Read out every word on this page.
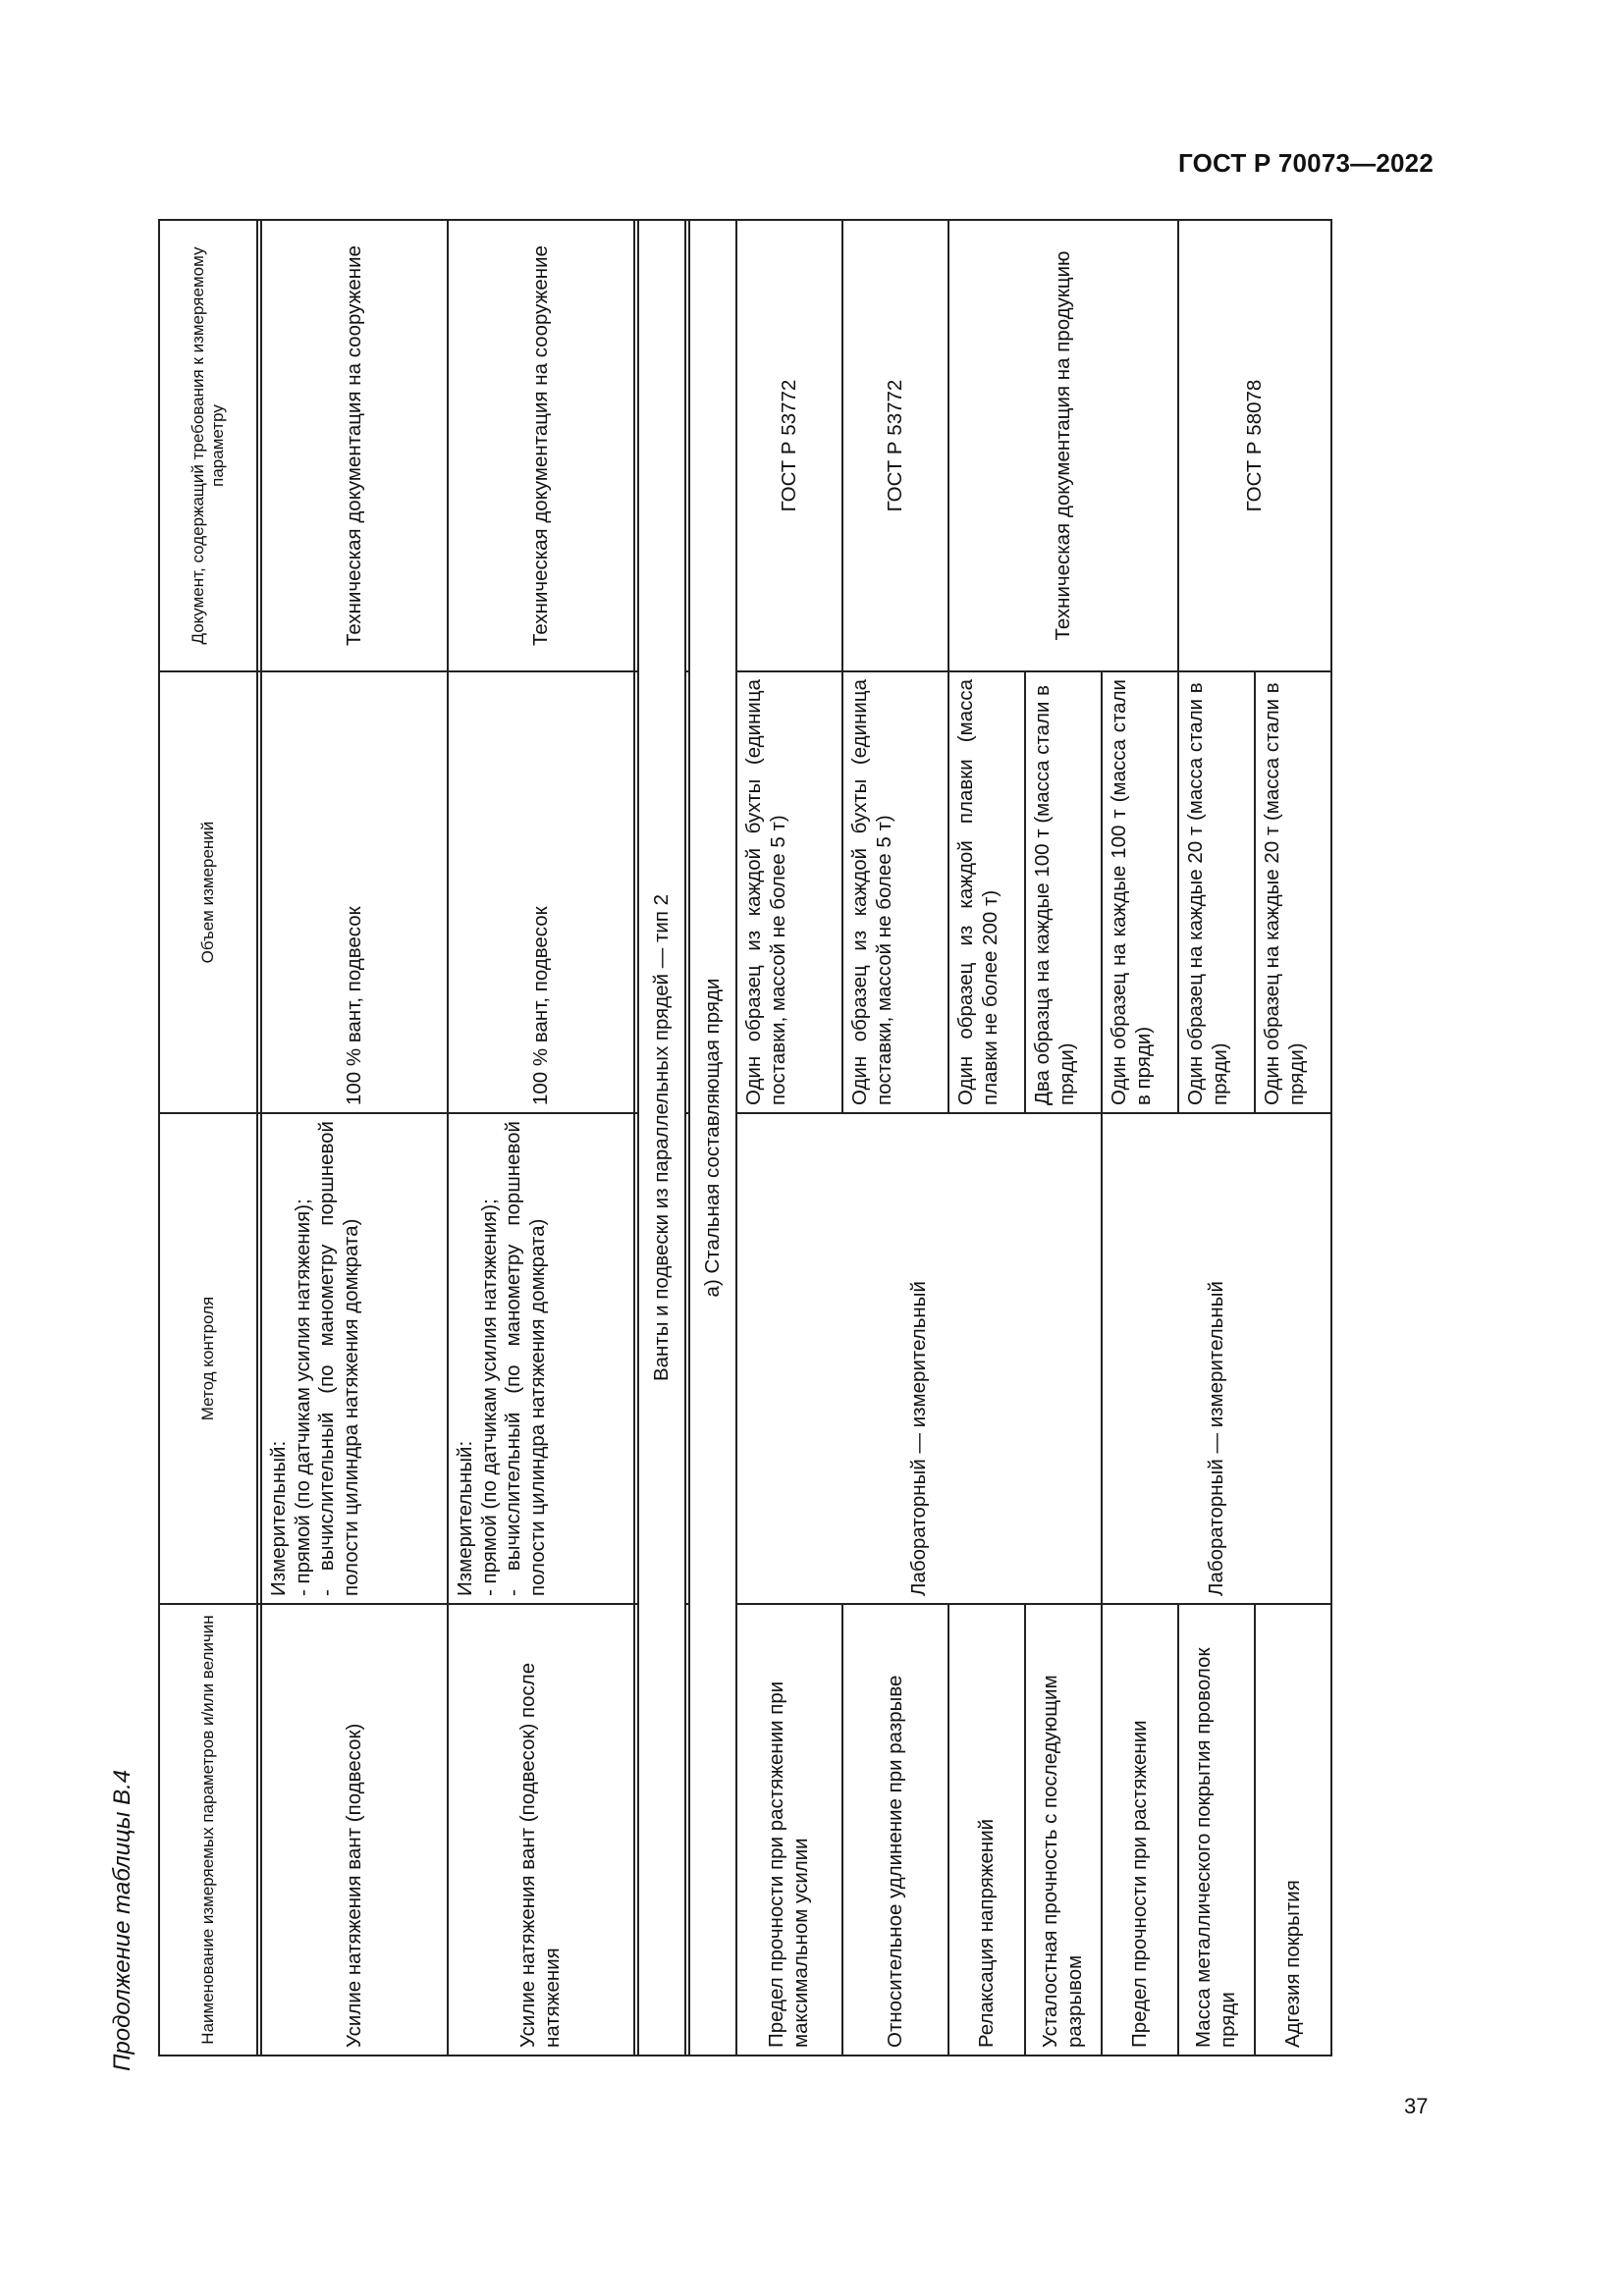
ГОСТ Р 70073—2022
Продолжение таблицы В.4	Наименование измеряемых параметров и/или величин	Метод контроля	Объем измерений	Документ, содержащий требования к измеряемому параметру

Усилие натяжения вант (подвесок)	Измерительный:
- прямой (по датчикам усилия натяжения);
- вычислительный (по манометру поршневой полости цилиндра натяжения домкрата)	100 % вант, подвесок	Техническая документация на сооружение
Усилие натяжения вант (подвесок) после натяжения	Измерительный:
- прямой (по датчикам усилия натяжения);
- вычислительный (по манометру поршневой полости цилиндра натяжения домкрата)	100 % вант, подвесок	Техническая документация на сооружение

Ванты и подвески из параллельных прядей — тип 2			

а) Стальная составляющая пряди			
Предел прочности при растяжении при максимальном усилии	Лабораторный — измерительный	Один образец из каждой бухты (единица поставки, массой не более 5 т)	ГОСТ Р 53772
Относительное удлинение при разрыве		Один образец из каждой бухты (единица поставки, массой не более 5 т)	ГОСТ Р 53772
Релаксация напряжений		Один образец из каждой плавки (масса плавки не более 200 т)	Техническая документация на продукцию
Усталостная прочность с последующим разрывом		Два образца на каждые 100 т (масса стали в пряди)	
Предел прочности при растяжении	Лабораторный — измерительный	Один образец на каждые 100 т (масса стали в пряди)	
Масса металлического покрытия проволок пряди		Один образец на каждые 20 т (масса стали в пряди)	ГОСТ Р 58078
Адгезия покрытия		Один образец на каждые 20 т (масса стали в пряди)	
37
